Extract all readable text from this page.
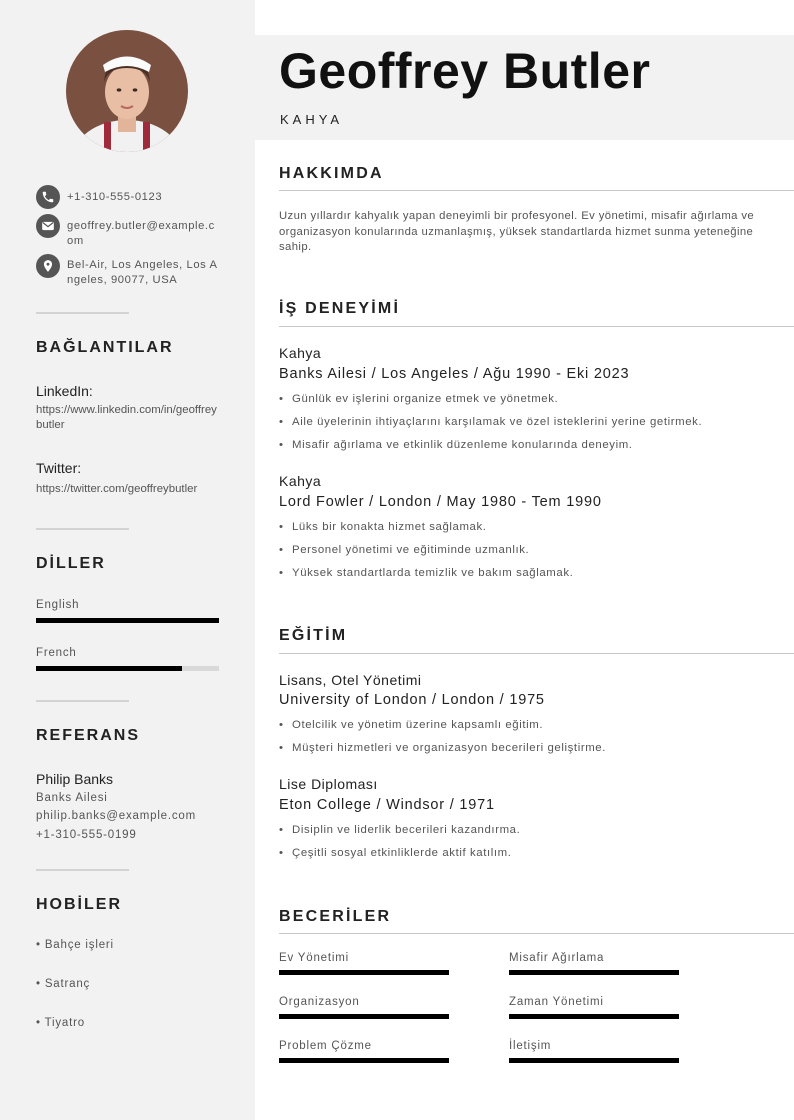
+1-310-555-0123
geoffrey.butler@example.com
Bel-Air, Los Angeles, Los Angeles, 90077, USA
BAĞLANTILAR
LinkedIn:
https://www.linkedin.com/in/geoffreybutler
Twitter:
https://twitter.com/geoffreybutler
DİLLER
English
French
REFERANS
Philip Banks
Banks Ailesi
philip.banks@example.com
+1-310-555-0199
HOBİLER
• Bahçe işleri
• Satranç
• Tiyatro
Geoffrey Butler
KAHYA
HAKKIMDA
Uzun yıllardır kahyalık yapan deneyimli bir profesyonel. Ev yönetimi, misafir ağırlama ve organizasyon konularında uzmanlaşmış, yüksek standartlarda hizmet sunma yeteneğine sahip.
İŞ DENEYİMİ
Kahya
Banks Ailesi / Los Angeles / Ağu 1990 - Eki 2023
• Günlük ev işlerini organize etmek ve yönetmek.
• Aile üyelerinin ihtiyaçlarını karşılamak ve özel isteklerini yerine getirmek.
• Misafir ağırlama ve etkinlik düzenleme konularında deneyim.
Kahya
Lord Fowler / London / May 1980 - Tem 1990
• Lüks bir konakta hizmet sağlamak.
• Personel yönetimi ve eğitiminde uzmanlık.
• Yüksek standartlarda temizlik ve bakım sağlamak.
EĞİTİM
Lisans, Otel Yönetimi
University of London / London / 1975
• Otelcilik ve yönetim üzerine kapsamlı eğitim.
• Müşteri hizmetleri ve organizasyon becerileri geliştirme.
Lise Diploması
Eton College / Windsor / 1971
• Disiplin ve liderlik becerileri kazandırma.
• Çeşitli sosyal etkinliklerde aktif katılım.
BECERİLER
Ev Yönetimi	Misafir Ağırlama
Organizasyon	Zaman Yönetimi
Problem Çözme	İletişim
